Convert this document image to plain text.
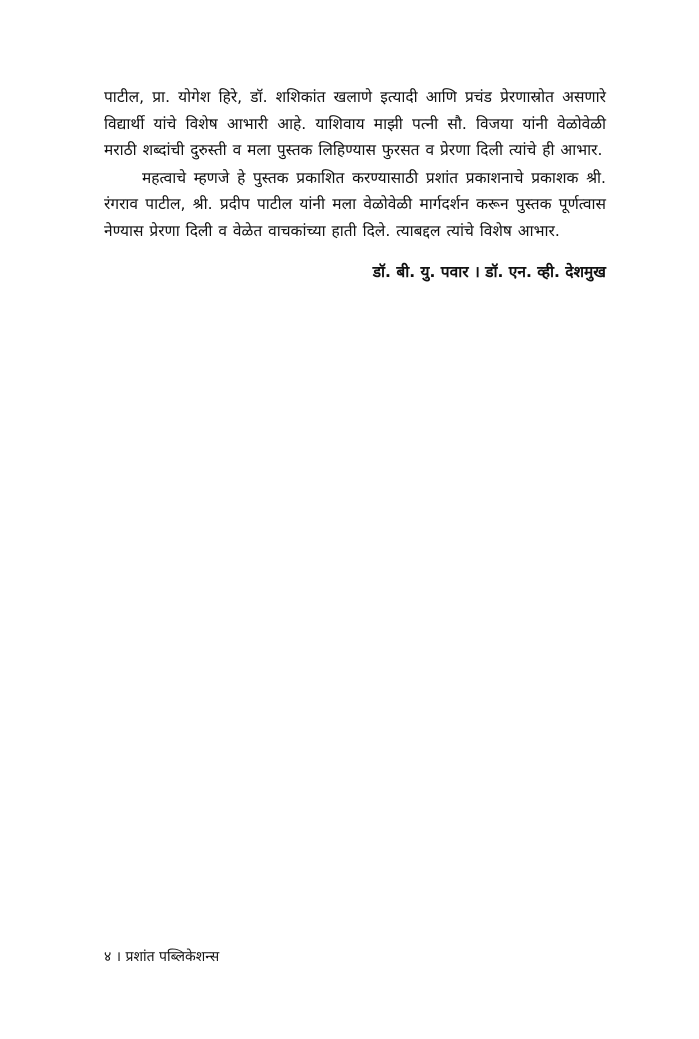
पाटील, प्रा. योगेश हिरे, डॉ. शशिकांत खलाणे इत्यादी आणि प्रचंड प्रेरणास्रोत असणारे विद्यार्थी यांचे विशेष आभारी आहे. याशिवाय माझी पत्नी सौ. विजया यांनी वेळोवेळी मराठी शब्दांची दुरुस्ती व मला पुस्तक लिहिण्यास फुरसत व प्रेरणा दिली त्यांचे ही आभार.

महत्वाचे म्हणजे हे पुस्तक प्रकाशित करण्यासाठी प्रशांत प्रकाशनाचे प्रकाशक श्री. रंगराव पाटील, श्री. प्रदीप पाटील यांनी मला वेळोवेळी मार्गदर्शन करून पुस्तक पूर्णत्वास नेण्यास प्रेरणा दिली व वेळेत वाचकांच्या हाती दिले. त्याबद्दल त्यांचे विशेष आभार.

डॉ. बी. यु. पवार । डॉ. एन. व्ही. देशमुख
४ । प्रशांत पब्लिकेशन्स
